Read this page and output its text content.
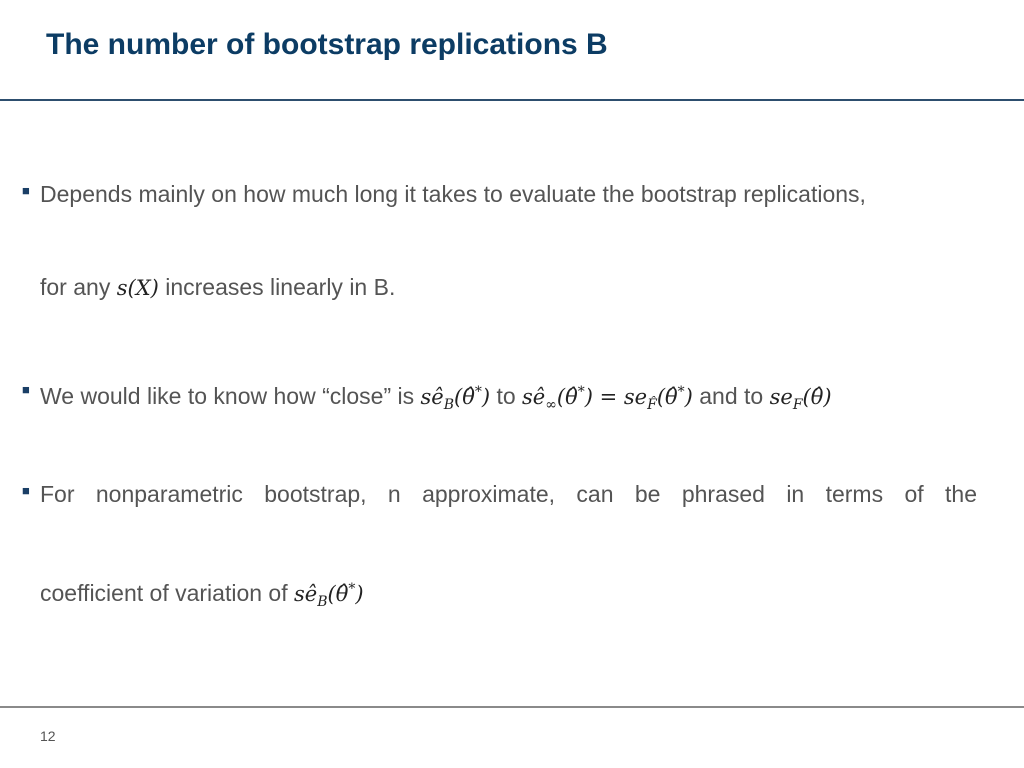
The number of bootstrap replications B
■ Depends mainly on how much long it takes to evaluate the bootstrap replications,
for any s(X) increases linearly in B.
■ We would like to know how “close” is $sê_B(\thetâ^*)$ to $sê_\infty(\thetâ^*)$ = $se_{F̂}(\thetâ^*)$ and to $se_F(\thetâ)$
■ For nonparametric bootstrap, n approximate, can be phrased in terms of the
coefficient of variation of $sê_B(\thetâ^*)$
12
